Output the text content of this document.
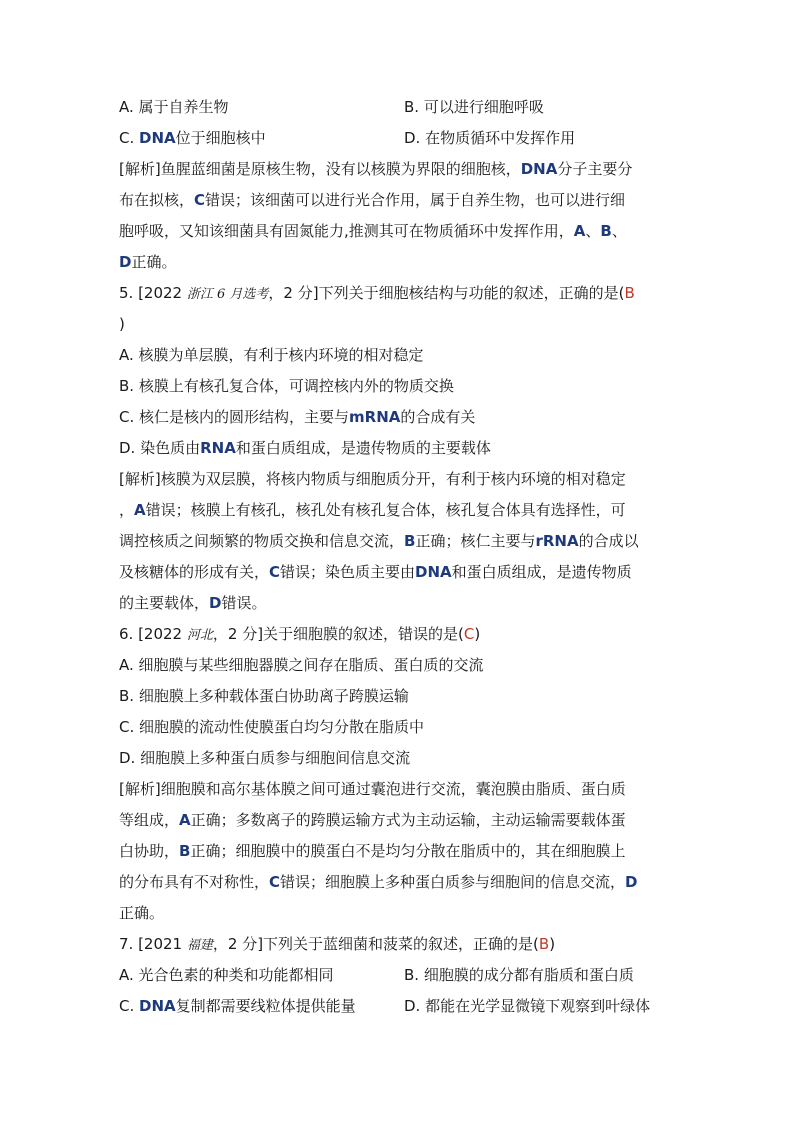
A. 属于自养生物	B. 可以进行细胞呼吸
C. DNA位于细胞核中	D. 在物质循环中发挥作用
[解析]鱼腥蓝细菌是原核生物，没有以核膜为界限的细胞核，DNA分子主要分
布在拟核，C错误；该细菌可以进行光合作用，属于自养生物，也可以进行细
胞呼吸，又知该细菌具有固氮能力,推测其可在物质循环中发挥作用，A、B、
D正确。
5. [2022 浙江 6 月选考，2 分]下列关于细胞核结构与功能的叙述，正确的是(B
)
A. 核膜为单层膜，有利于核内环境的相对稳定
B. 核膜上有核孔复合体，可调控核内外的物质交换
C. 核仁是核内的圆形结构，主要与mRNA的合成有关
D. 染色质由RNA和蛋白质组成，是遗传物质的主要载体
[解析]核膜为双层膜，将核内物质与细胞质分开，有利于核内环境的相对稳定
，A错误；核膜上有核孔，核孔处有核孔复合体，核孔复合体具有选择性，可
调控核质之间频繁的物质交换和信息交流，B正确；核仁主要与rRNA的合成以
及核糖体的形成有关，C错误；染色质主要由DNA和蛋白质组成，是遗传物质
的主要载体，D错误。
6. [2022 河北，2 分]关于细胞膜的叙述，错误的是(C)
A. 细胞膜与某些细胞器膜之间存在脂质、蛋白质的交流
B. 细胞膜上多种载体蛋白协助离子跨膜运输
C. 细胞膜的流动性使膜蛋白均匀分散在脂质中
D. 细胞膜上多种蛋白质参与细胞间信息交流
[解析]细胞膜和高尔基体膜之间可通过囊泡进行交流，囊泡膜由脂质、蛋白质
等组成，A正确；多数离子的跨膜运输方式为主动运输，主动运输需要载体蛋
白协助，B正确；细胞膜中的膜蛋白不是均匀分散在脂质中的，其在细胞膜上
的分布具有不对称性，C错误；细胞膜上多种蛋白质参与细胞间的信息交流，D
正确。
7. [2021 福建，2 分]下列关于蓝细菌和菠菜的叙述，正确的是(B)
A. 光合色素的种类和功能都相同	B. 细胞膜的成分都有脂质和蛋白质
C. DNA复制都需要线粒体提供能量	D. 都能在光学显微镜下观察到叶绿体
